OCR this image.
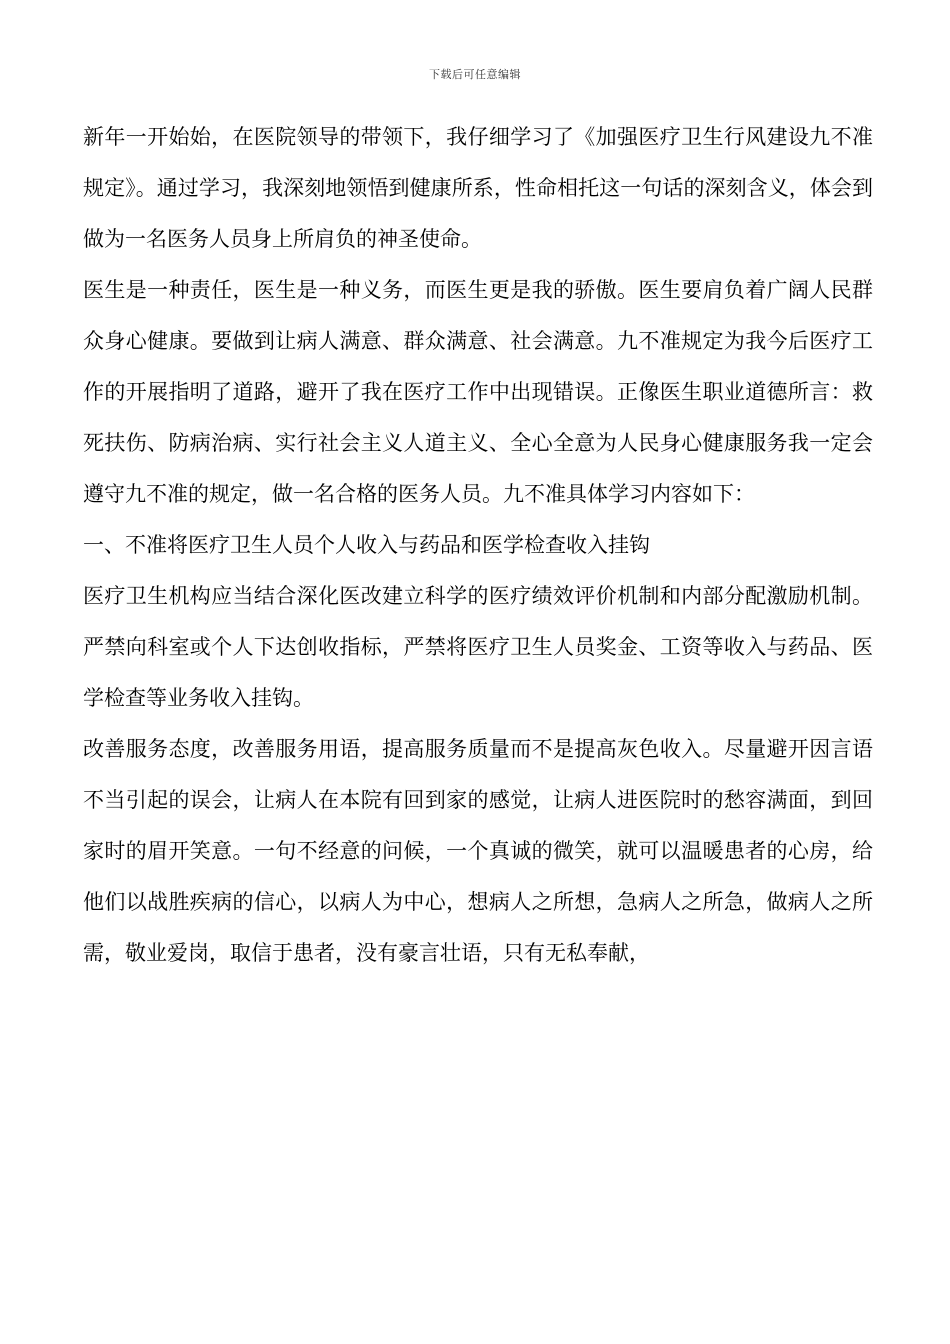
下载后可任意编辑

新年一开始始，在医院领导的带领下，我仔细学习了《加强医疗卫生行风建设九不准规定》。通过学习，我深刻地领悟到健康所系，性命相托这一句话的深刻含义，体会到做为一名医务人员身上所肩负的神圣使命。

医生是一种责任，医生是一种义务，而医生更是我的骄傲。医生要肩负着广阔人民群众身心健康。要做到让病人满意、群众满意、社会满意。九不准规定为我今后医疗工作的开展指明了道路，避开了我在医疗工作中出现错误。正像医生职业道德所言：救死扶伤、防病治病、实行社会主义人道主义、全心全意为人民身心健康服务我一定会遵守九不准的规定，做一名合格的医务人员。九不准具体学习内容如下：

一、不准将医疗卫生人员个人收入与药品和医学检查收入挂钩

医疗卫生机构应当结合深化医改建立科学的医疗绩效评价机制和内部分配激励机制。严禁向科室或个人下达创收指标，严禁将医疗卫生人员奖金、工资等收入与药品、医学检查等业务收入挂钩。

改善服务态度，改善服务用语，提高服务质量而不是提高灰色收入。尽量避开因言语不当引起的误会，让病人在本院有回到家的感觉，让病人进医院时的愁容满面，到回家时的眉开笑意。一句不经意的问候，一个真诚的微笑，就可以温暖患者的心房，给他们以战胜疾病的信心，以病人为中心，想病人之所想，急病人之所急，做病人之所需，敬业爱岗，取信于患者，没有豪言壮语，只有无私奉献，
